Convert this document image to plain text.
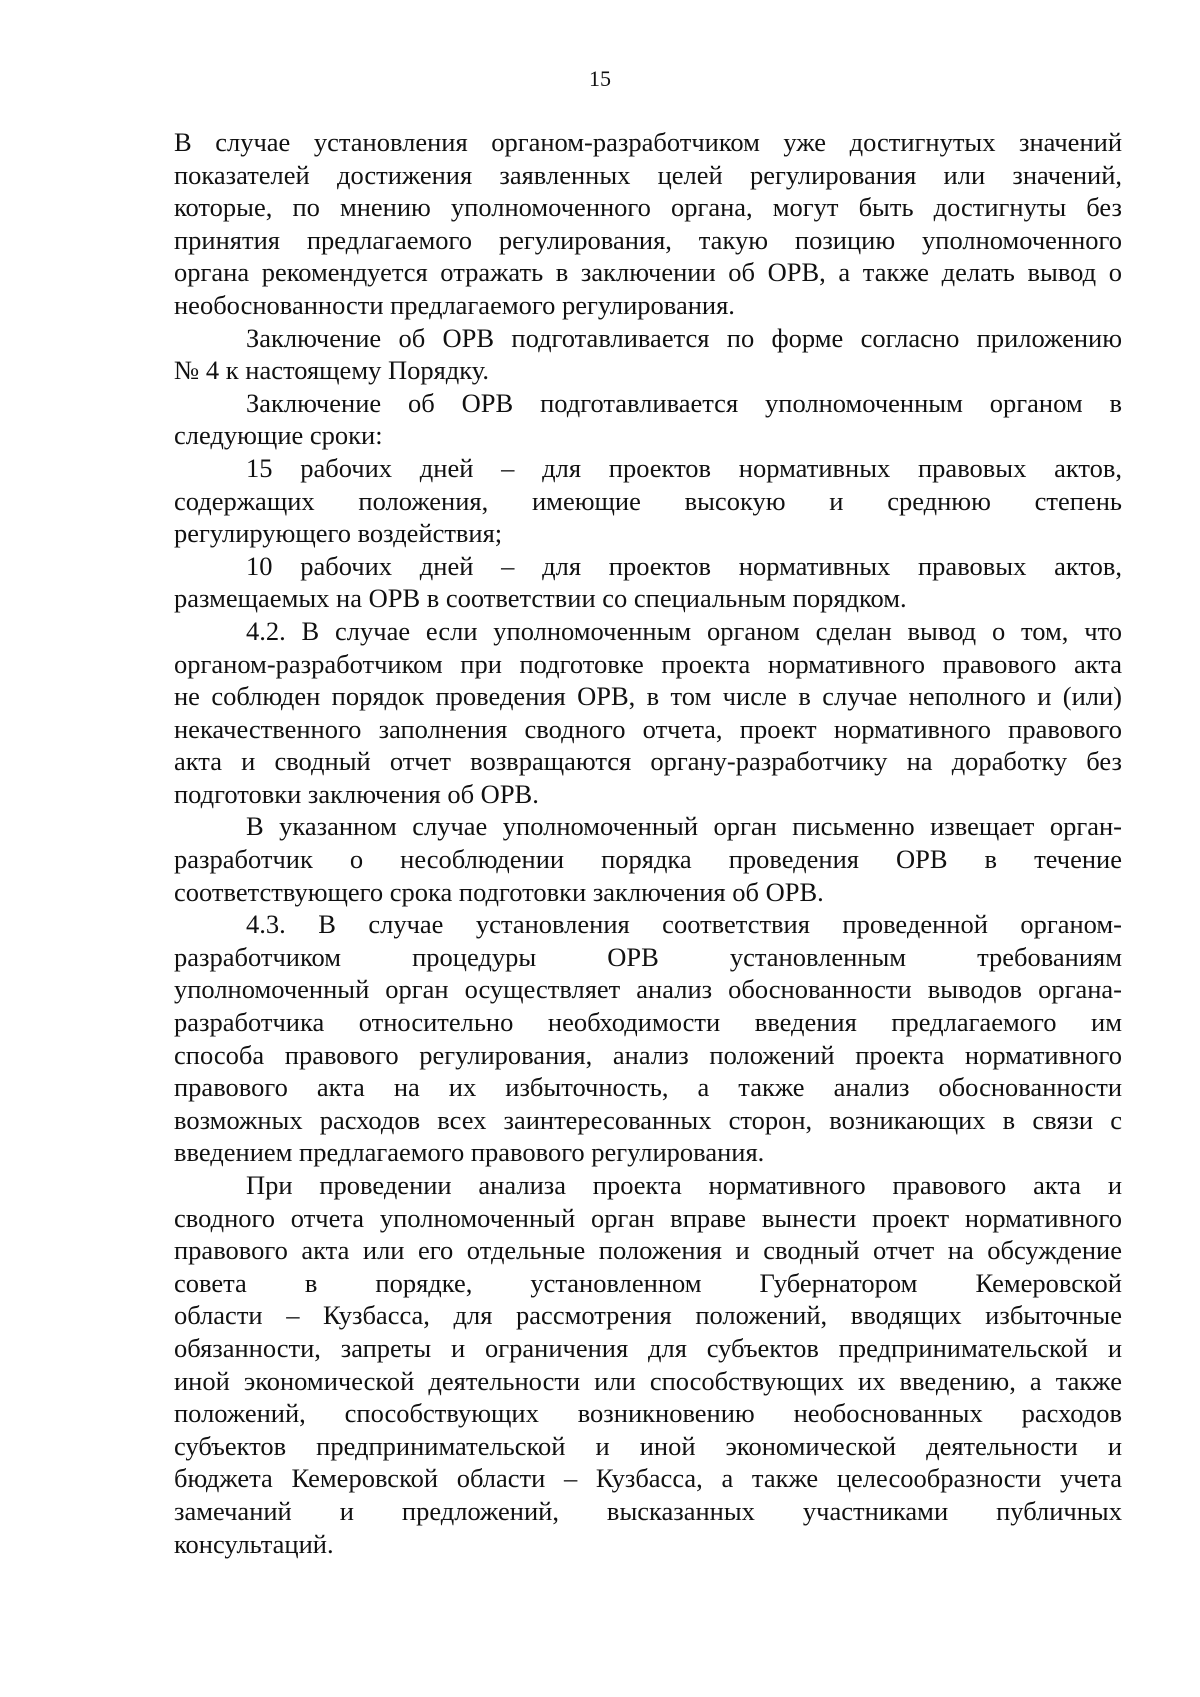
15
В случае установления органом-разработчиком уже достигнутых значений
показателей достижения заявленных целей регулирования или значений,
которые, по мнению уполномоченного органа, могут быть достигнуты без
принятия предлагаемого регулирования, такую позицию уполномоченного
органа рекомендуется отражать в заключении об ОРВ, а также делать вывод о
необоснованности предлагаемого регулирования.
Заключение об ОРВ подготавливается по форме согласно приложению
№ 4 к настоящему Порядку.
Заключение об ОРВ подготавливается уполномоченным органом в
следующие сроки:
15 рабочих дней – для проектов нормативных правовых актов,
содержащих положения, имеющие высокую и среднюю степень
регулирующего воздействия;
10 рабочих дней – для проектов нормативных правовых актов,
размещаемых на ОРВ в соответствии со специальным порядком.
4.2. В случае если уполномоченным органом сделан вывод о том, что
органом-разработчиком при подготовке проекта нормативного правового акта
не соблюден порядок проведения ОРВ, в том числе в случае неполного и (или)
некачественного заполнения сводного отчета, проект нормативного правового
акта и сводный отчет возвращаются органу-разработчику на доработку без
подготовки заключения об ОРВ.
В указанном случае уполномоченный орган письменно извещает орган-
разработчик о несоблюдении порядка проведения ОРВ в течение
соответствующего срока подготовки заключения об ОРВ.
4.3. В случае установления соответствия проведенной органом-
разработчиком процедуры ОРВ установленным требованиям
уполномоченный орган осуществляет анализ обоснованности выводов органа-
разработчика относительно необходимости введения предлагаемого им
способа правового регулирования, анализ положений проекта нормативного
правового акта на их избыточность, а также анализ обоснованности
возможных расходов всех заинтересованных сторон, возникающих в связи с
введением предлагаемого правового регулирования.
При проведении анализа проекта нормативного правового акта и
сводного отчета уполномоченный орган вправе вынести проект нормативного
правового акта или его отдельные положения и сводный отчет на обсуждение
совета в порядке, установленном Губернатором Кемеровской
области – Кузбасса, для рассмотрения положений, вводящих избыточные
обязанности, запреты и ограничения для субъектов предпринимательской и
иной экономической деятельности или способствующих их введению, а также
положений, способствующих возникновению необоснованных расходов
субъектов предпринимательской и иной экономической деятельности и
бюджета Кемеровской области – Кузбасса, а также целесообразности учета
замечаний и предложений, высказанных участниками публичных
консультаций.
